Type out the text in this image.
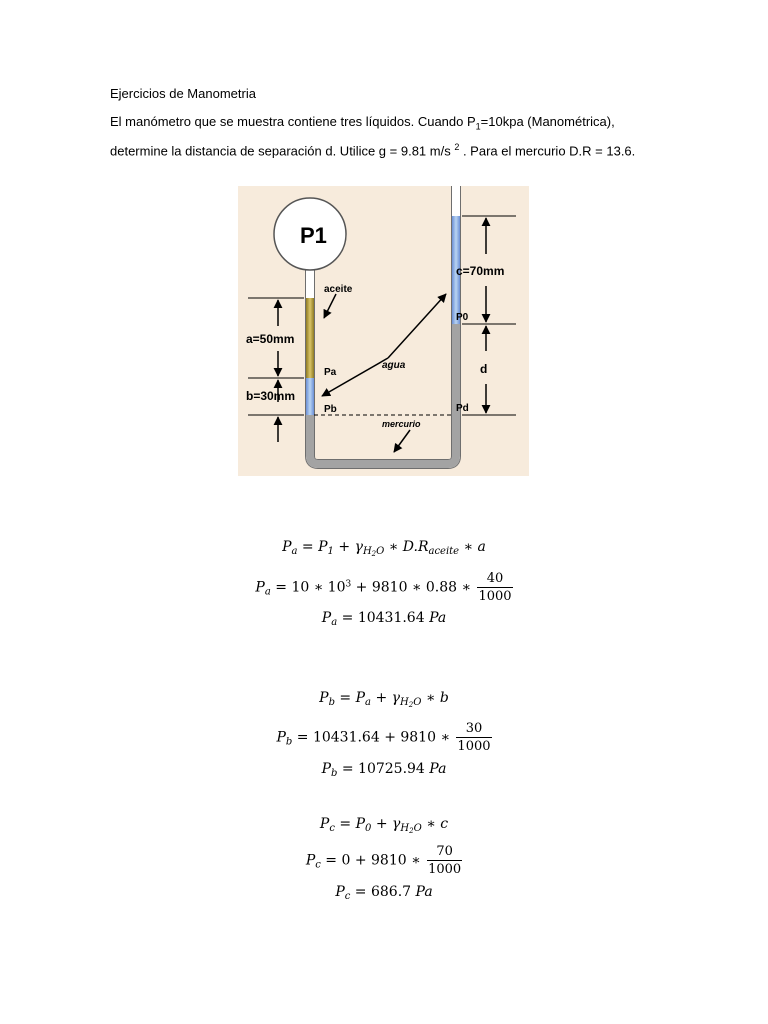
Ejercicios de Manometria
El manómetro que se muestra contiene tres líquidos. Cuando $P_1=10kpa$ (Manométrica),
determine la distancia de separación d. Utilice g = 9.81 m/s $^2$ . Para el mercurio D.R = 13.6.
P1
aceite
a=50mm
b=30mm
c=70mm
d
agua
mercurio
Pa
Pb
P0
Pd
$P_a = P_1 + \gamma_{H_2O}$ ∗ $D.R_{aceite}$ ∗ a
$P_a = 10$ ∗ $10^3 + 9810$ ∗ 0.88 ∗ $\frac{40}{1000}$
$P_a = 10431.64$ Pa
$P_b = P_a + \gamma_{H_2O}$ ∗ b
$P_b = 10431.64 + 9810$ ∗ $\frac{30}{1000}$
$P_b = 10725.94$ Pa
$P_c = P_0 + \gamma_{H_2O}$ ∗ c
$P_c = 0 + 9810$ ∗ $\frac{70}{1000}$
$P_c = 686.7$ Pa
